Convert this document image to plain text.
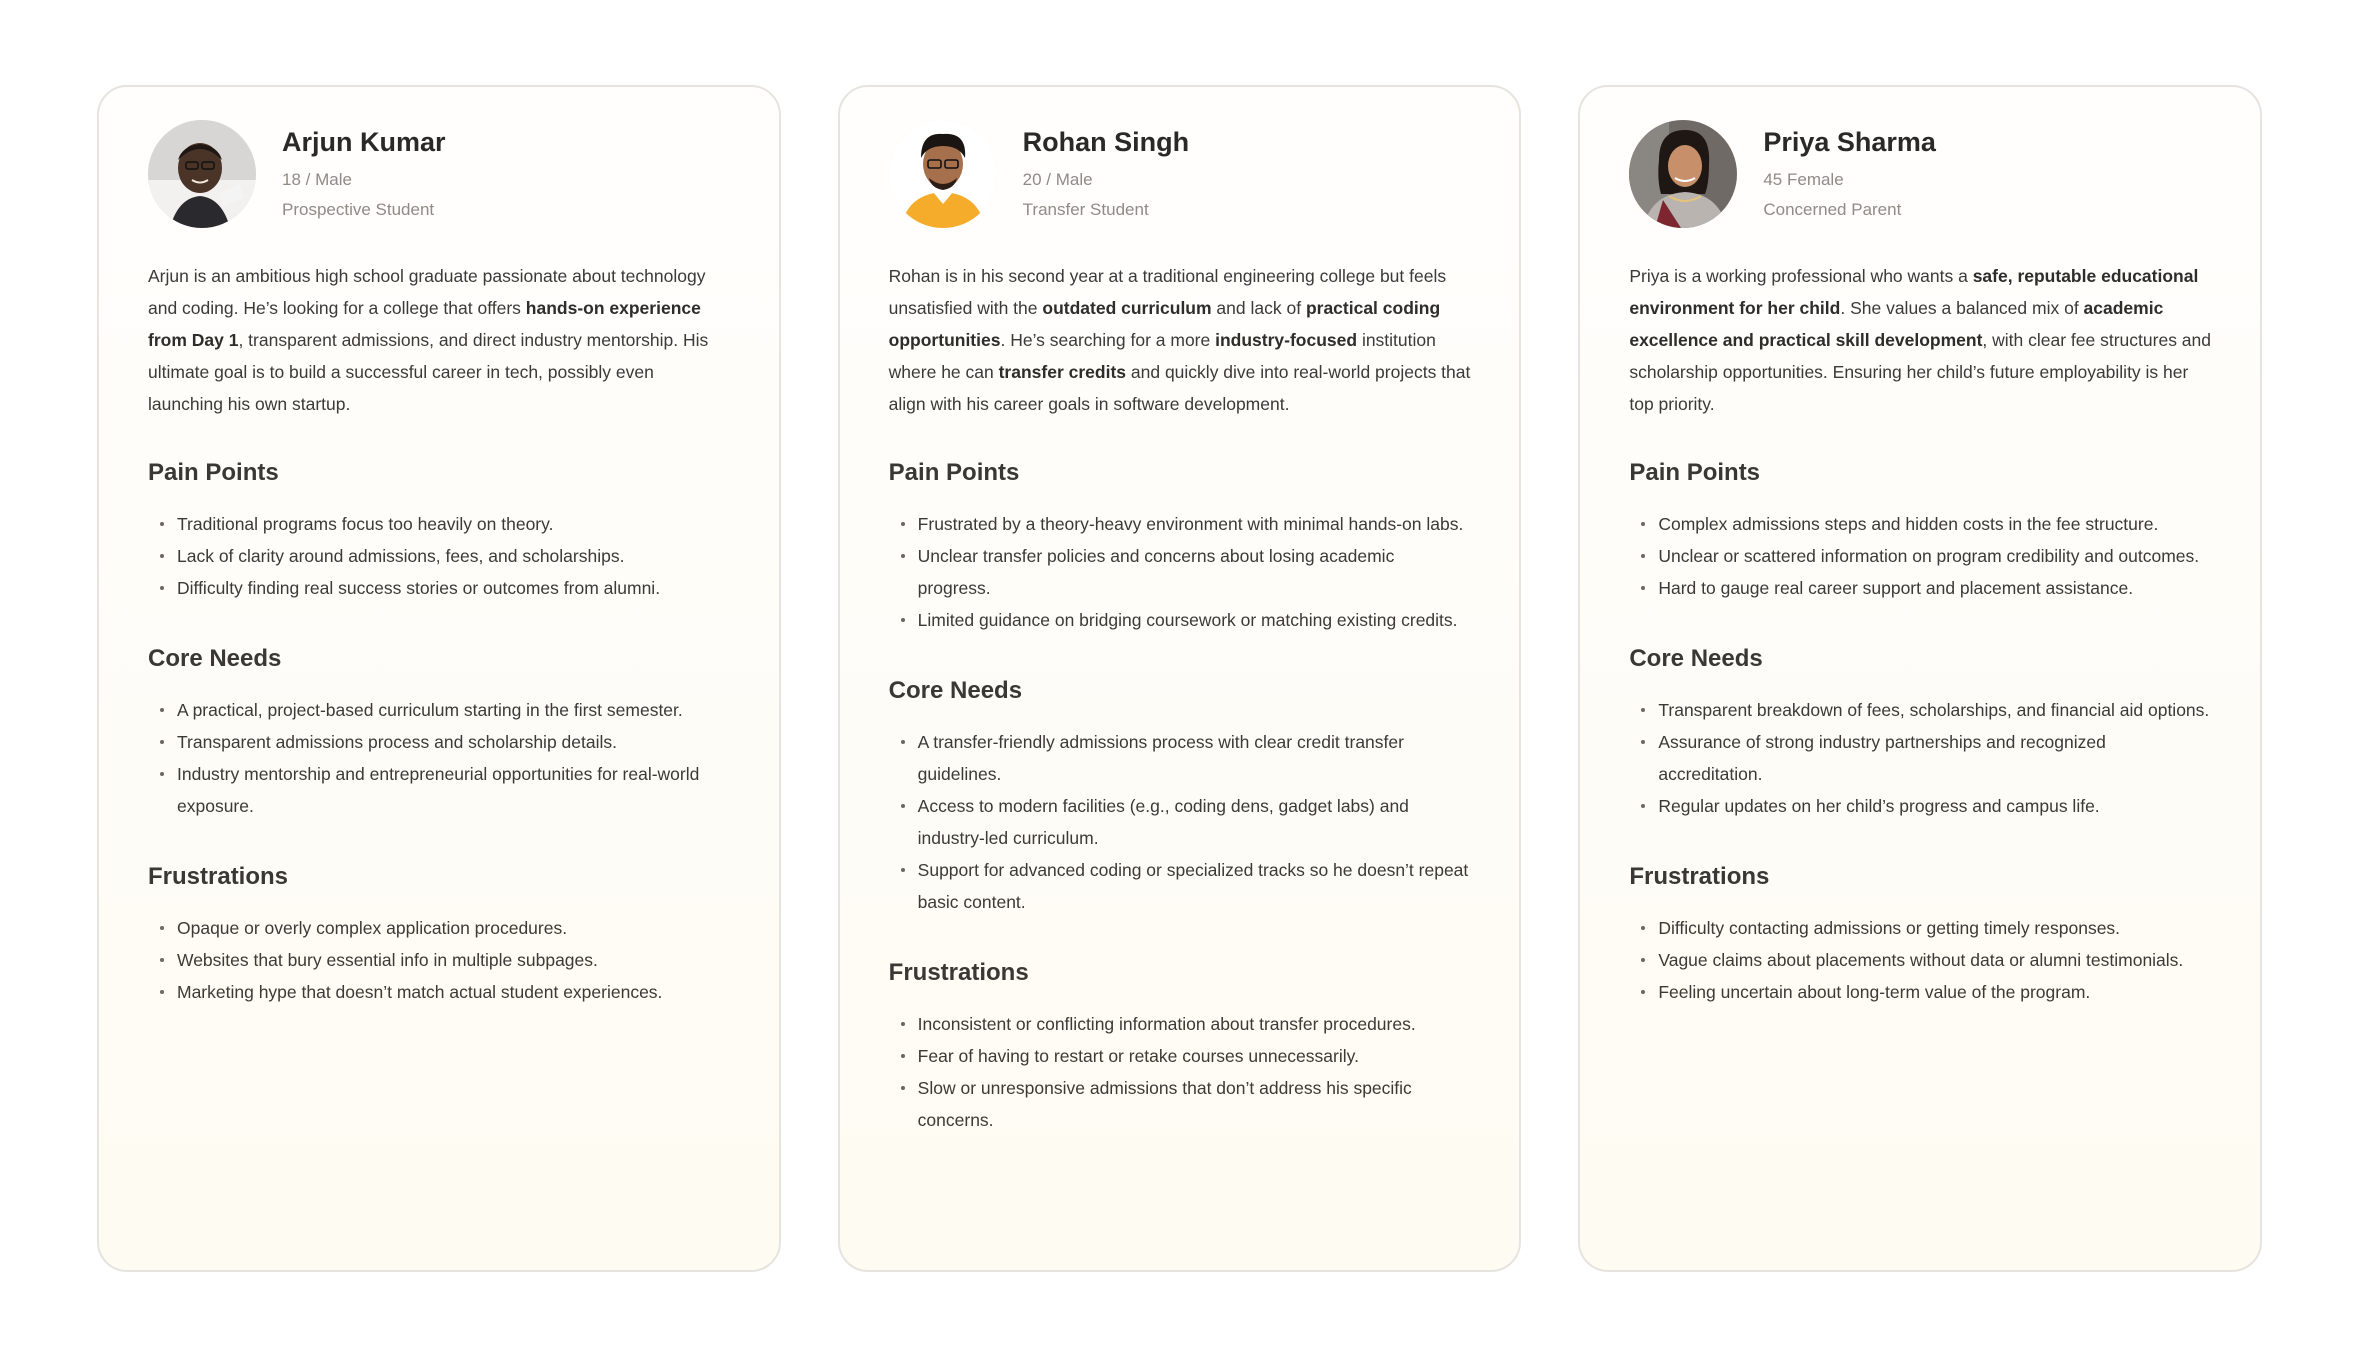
Arjun Kumar
18 / Male
Prospective Student

Arjun is an ambitious high school graduate passionate about technology and coding. He’s looking for a college that offers hands-on experience from Day 1, transparent admissions, and direct industry mentorship. His ultimate goal is to build a successful career in tech, possibly even launching his own startup.

Pain Points
Traditional programs focus too heavily on theory.
Lack of clarity around admissions, fees, and scholarships.
Difficulty finding real success stories or outcomes from alumni.
Core Needs
A practical, project-based curriculum starting in the first semester.
Transparent admissions process and scholarship details.
Industry mentorship and entrepreneurial opportunities for real-world exposure.
Frustrations
Opaque or overly complex application procedures.
Websites that bury essential info in multiple subpages.
Marketing hype that doesn’t match actual student experiences.
Rohan Singh
20 / Male
Transfer Student

Rohan is in his second year at a traditional engineering college but feels unsatisfied with the outdated curriculum and lack of practical coding opportunities. He’s searching for a more industry-focused institution where he can transfer credits and quickly dive into real-world projects that align with his career goals in software development.

Pain Points
Frustrated by a theory-heavy environment with minimal hands-on labs.
Unclear transfer policies and concerns about losing academic progress.
Limited guidance on bridging coursework or matching existing credits.
Core Needs
A transfer-friendly admissions process with clear credit transfer guidelines.
Access to modern facilities (e.g., coding dens, gadget labs) and industry-led curriculum.
Support for advanced coding or specialized tracks so he doesn’t repeat basic content.
Frustrations
Inconsistent or conflicting information about transfer procedures.
Fear of having to restart or retake courses unnecessarily.
Slow or unresponsive admissions that don’t address his specific concerns.
Priya Sharma
45 Female
Concerned Parent

Priya is a working professional who wants a safe, reputable educational environment for her child. She values a balanced mix of academic excellence and practical skill development, with clear fee structures and scholarship opportunities. Ensuring her child’s future employability is her top priority.

Pain Points
Complex admissions steps and hidden costs in the fee structure.
Unclear or scattered information on program credibility and outcomes.
Hard to gauge real career support and placement assistance.
Core Needs
Transparent breakdown of fees, scholarships, and financial aid options.
Assurance of strong industry partnerships and recognized accreditation.
Regular updates on her child’s progress and campus life.
Frustrations
Difficulty contacting admissions or getting timely responses.
Vague claims about placements without data or alumni testimonials.
Feeling uncertain about long-term value of the program.
